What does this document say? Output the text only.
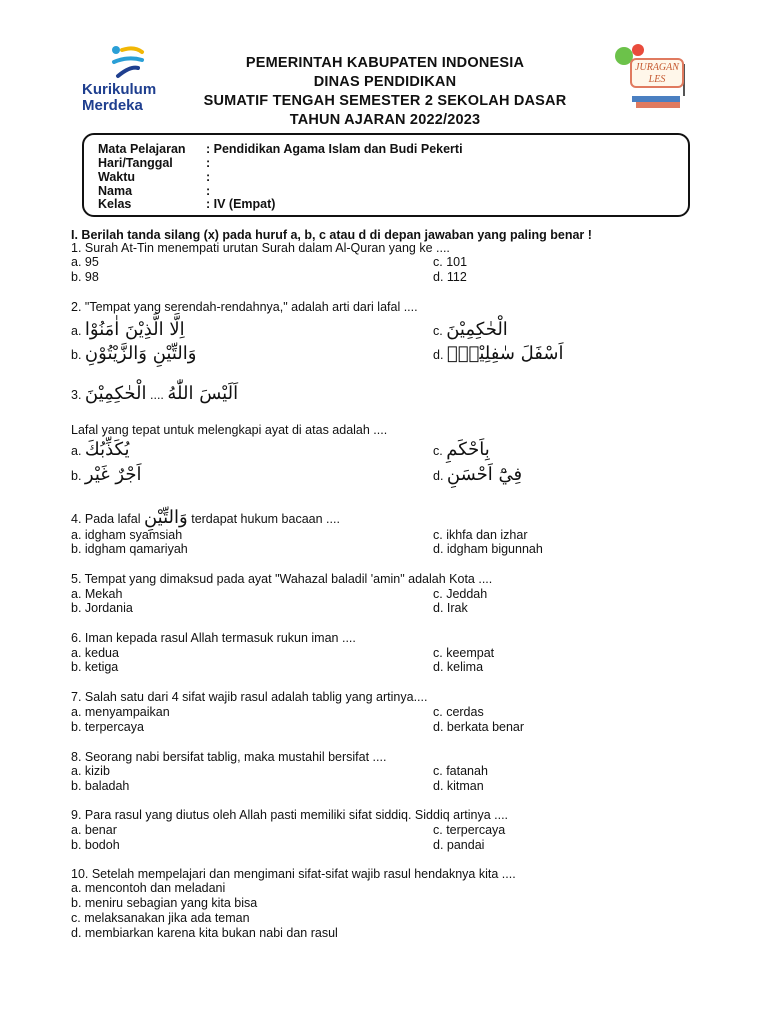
Kurikulum
Merdeka
JURAGAN
LES
PEMERINTAH KABUPATEN INDONESIA
DINAS PENDIDIKAN
SUMATIF TENGAH SEMESTER 2 SEKOLAH DASAR
TAHUN AJARAN 2022/2023
Mata Pelajaran : Pendidikan Agama Islam dan Budi Pekerti
Hari/Tanggal	:
Waktu	:
Nama	:
Kelas	: IV (Empat)
I. Berilah tanda silang (x) pada huruf a, b, c atau d di depan jawaban yang paling benar !
1. Surah At-Tin menempati urutan Surah dalam Al-Quran yang ke ....
a. 95	c. 101
b. 98	d. 112
2. "Tempat yang serendah-rendahnya," adalah arti dari lafal ....
a. اِلَّا الَّذِيْنَ اٰمَنُوْا	c. الْحٰكِمِيْنَ
b. وَالتِّيْنِ وَالزَّيْتُوْنِ	d. اَسْفَلَ سٰفِلِيْنَۙ
3. الْحٰكِمِيْنَ .... اَلَيْسَ اللّٰهُ
Lafal yang tepat untuk melengkapi ayat di atas adalah ....
a. يُكَذِّبُكَ	c. بِاَحْكَمِ
b. اَجْرٌ غَيْر	d. فِيْٓ اَحْسَنِ
4. Pada lafal وَالتِّيْنِ terdapat hukum bacaan ....
a. idgham syamsiah	c. ikhfa dan izhar
b. idgham qamariyah	d. idgham bigunnah
5. Tempat yang dimaksud pada ayat "Wahazal baladil 'amin" adalah Kota ....
a. Mekah	c. Jeddah
b. Jordania	d. Irak
6. Iman kepada rasul Allah termasuk rukun iman ....
a. kedua	c. keempat
b. ketiga	d. kelima
7. Salah satu dari 4 sifat wajib rasul adalah tablig yang artinya....
a. menyampaikan	c. cerdas
b. terpercaya	d. berkata benar
8. Seorang nabi bersifat tablig, maka mustahil bersifat ....
a. kizib	c. fatanah
b. baladah	d. kitman
9. Para rasul yang diutus oleh Allah pasti memiliki sifat siddiq. Siddiq artinya ....
a. benar	c. terpercaya
b. bodoh	d. pandai
10. Setelah mempelajari dan mengimani sifat-sifat wajib rasul hendaknya kita ....
a. mencontoh dan meladani
b. meniru sebagian yang kita bisa
c. melaksanakan jika ada teman
d. membiarkan karena kita bukan nabi dan rasul
